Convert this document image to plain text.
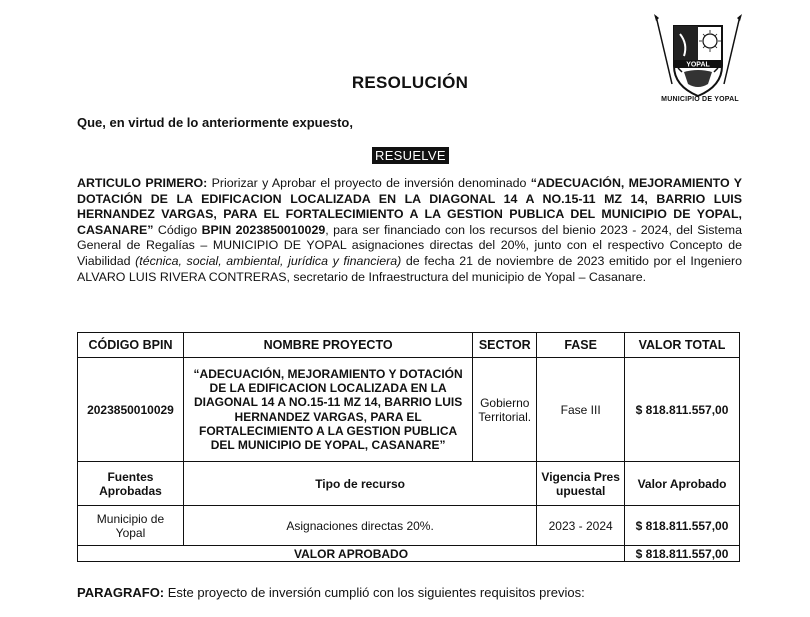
YOPAL
MUNICIPIO DE YOPAL
RESOLUCIÓN
Que, en virtud de lo anteriormente expuesto,
RESUELVE
ARTICULO PRIMERO: Priorizar y Aprobar el proyecto de inversión denominado “ADECUACIÓN, MEJORAMIENTO Y DOTACIÓN DE LA EDIFICACION LOCALIZADA EN LA DIAGONAL 14 A NO.15-11 MZ 14, BARRIO LUIS HERNANDEZ VARGAS, PARA EL FORTALECIMIENTO A LA GESTION PUBLICA DEL MUNICIPIO DE YOPAL, CASANARE” Código BPIN 2023850010029, para ser financiado con los recursos del bienio 2023 - 2024, del Sistema General de Regalías – MUNICIPIO DE YOPAL asignaciones directas del 20%, junto con el respectivo Concepto de Viabilidad (técnica, social, ambiental, jurídica y financiera) de fecha 21 de noviembre de 2023 emitido por el Ingeniero ALVARO LUIS RIVERA CONTRERAS, secretario de Infraestructura del municipio de Yopal – Casanare.
CÓDIGO BPIN	NOMBRE PROYECTO	SECTOR	FASE	VALOR TOTAL
2023850010029	“ADECUACIÓN, MEJORAMIENTO Y DOTACIÓN DE LA EDIFICACION LOCALIZADA EN LA DIAGONAL 14 A NO.15-11 MZ 14, BARRIO LUIS HERNANDEZ VARGAS, PARA EL FORTALECIMIENTO A LA GESTION PUBLICA DEL MUNICIPIO DE YOPAL, CASANARE”	Gobierno Territorial.	Fase III	$ 818.811.557,00
Fuentes Aprobadas	Tipo de recurso		Vigencia Presupuestal	Valor Aprobado
Municipio de Yopal	Asignaciones directas 20%.		2023 - 2024	$ 818.811.557,00
VALOR APROBADO				$ 818.811.557,00
PARAGRAFO: Este proyecto de inversión cumplió con los siguientes requisitos previos:
